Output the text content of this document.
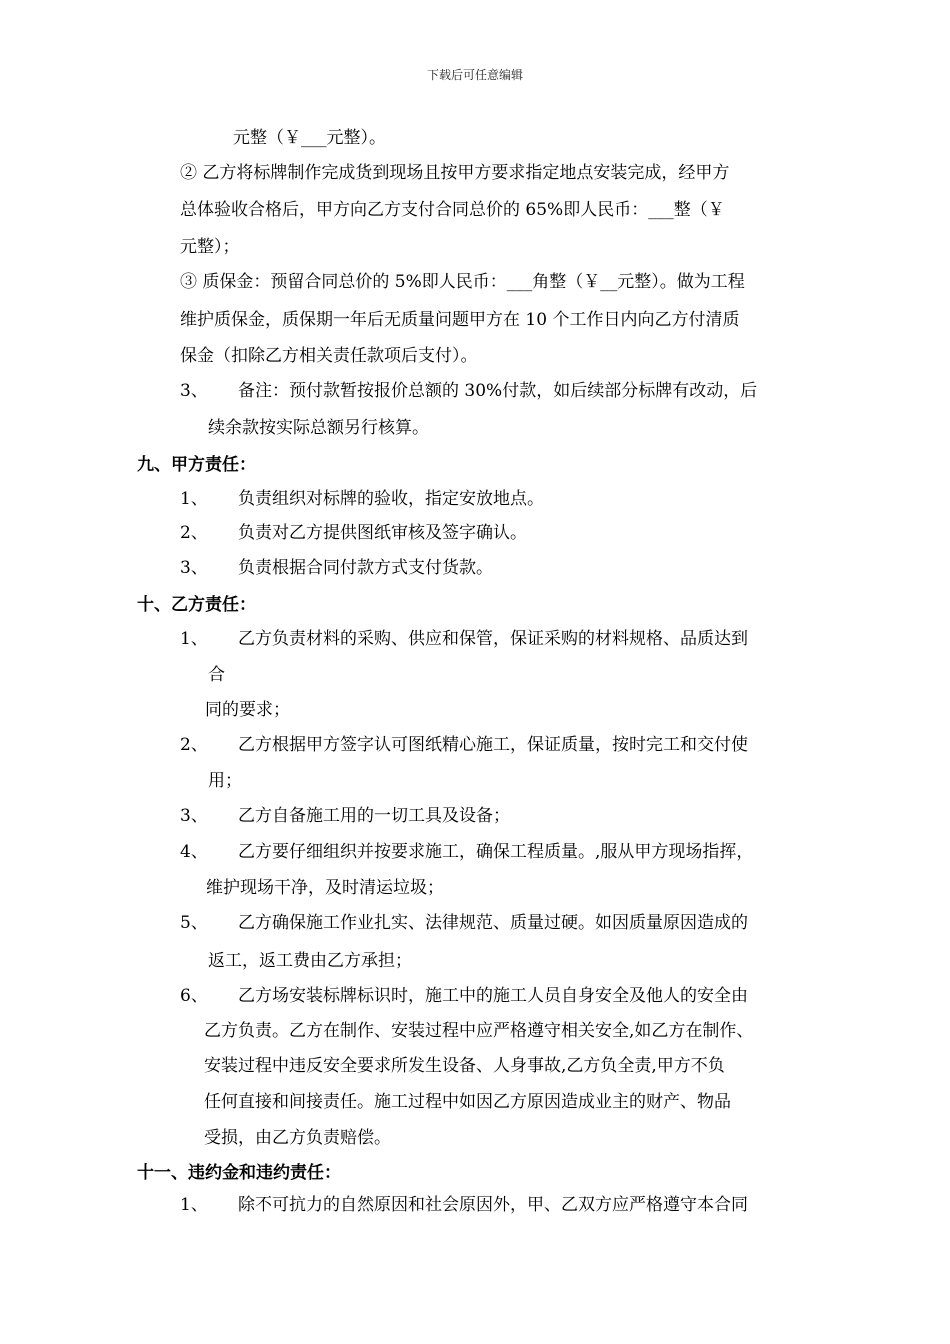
下载后可任意编辑
元整（￥___元整）。
② 乙方将标牌制作完成货到现场且按甲方要求指定地点安装完成，经甲方
总体验收合格后，甲方向乙方支付合同总价的 65%即人民币：___整（￥
元整）；
③ 质保金：预留合同总价的 5%即人民币：___角整（￥__元整）。做为工程
维护质保金，质保期一年后无质量问题甲方在 10 个工作日内向乙方付清质
保金（扣除乙方相关责任款项后支付）。
3、 备注：预付款暂按报价总额的 30%付款，如后续部分标牌有改动，后
续余款按实际总额另行核算。
九、甲方责任：
1、 负责组织对标牌的验收，指定安放地点。
2、 负责对乙方提供图纸审核及签字确认。
3、 负责根据合同付款方式支付货款。
十、乙方责任：
1、 乙方负责材料的采购、供应和保管，保证采购的材料规格、品质达到
合
同的要求；
2、 乙方根据甲方签字认可图纸精心施工，保证质量，按时完工和交付使
用；
3、 乙方自备施工用的一切工具及设备；
4、 乙方要仔细组织并按要求施工，确保工程质量。,服从甲方现场指挥，
维护现场干净，及时清运垃圾；
5、 乙方确保施工作业扎实、法律规范、质量过硬。如因质量原因造成的
返工，返工费由乙方承担；
6、 乙方场安装标牌标识时，施工中的施工人员自身安全及他人的安全由
乙方负责。乙方在制作、安装过程中应严格遵守相关安全,如乙方在制作、
安装过程中违反安全要求所发生设备、人身事故,乙方负全责,甲方不负
任何直接和间接责任。施工过程中如因乙方原因造成业主的财产、物品
受损，由乙方负责赔偿。
十一、违约金和违约责任：
1、 除不可抗力的自然原因和社会原因外，甲、乙双方应严格遵守本合同
